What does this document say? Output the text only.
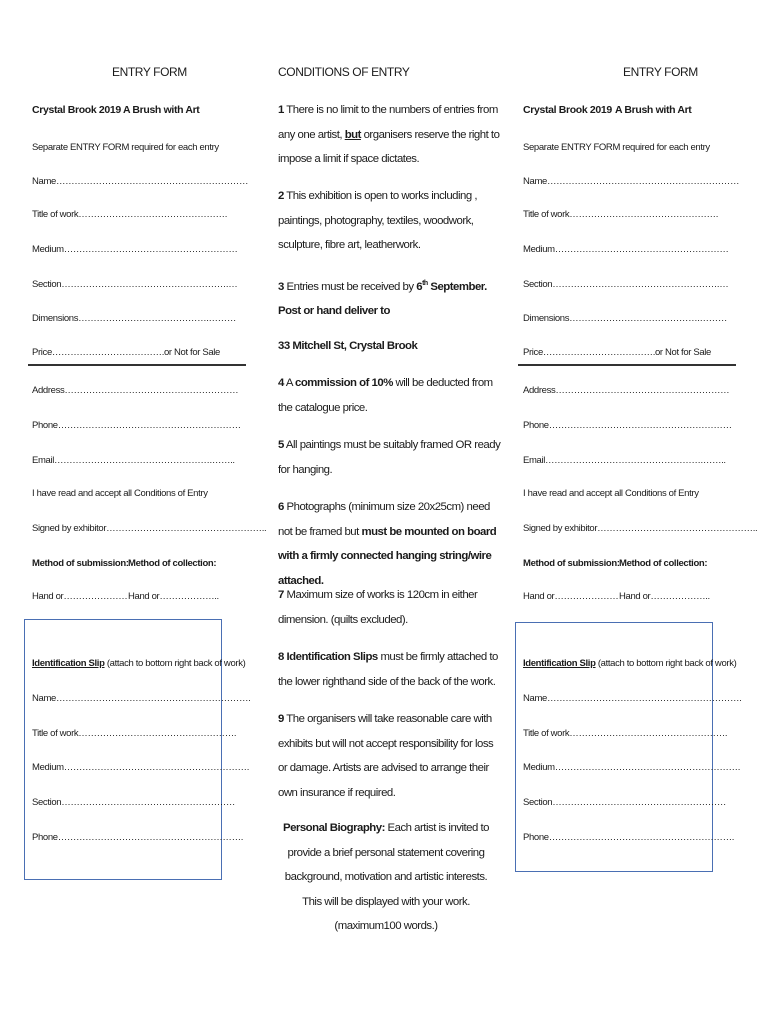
ENTRY FORM
Crystal Brook 2019 A Brush with Art
Separate ENTRY FORM required for each entry
Name………………………………………………………
Title of work………………………………………….
Medium…………………………………………………
Section……………………………………………….…
Dimensions…………………………………….………
Price……………………………….or Not for Sale
Address…………………………………………………
Phone……………………………………………………
Email…………………………………………….……..
I have read and accept all Conditions of Entry
Signed by exhibitor……………………………………………..
Method of submission: Method of collection:
Hand or………………… Hand or………………..
Identification Slip (attach to bottom right back of work)
Name……………………………………………………….
Title of work…………………………………………….
Medium…………………………………………………….
Section…………………………………………………
Phone…………………………………………………….
CONDITIONS OF ENTRY
1 There is no limit to the numbers of entries from any one artist, but organisers reserve the right to impose a limit if space dictates.
2 This exhibition is open to works including , paintings, photography, textiles, woodwork, sculpture, fibre art, leatherwork.
3 Entries must be received by 6th September. Post or hand deliver to
33 Mitchell St, Crystal Brook
4 A commission of 10% will be deducted from the catalogue price.
5 All paintings must be suitably framed OR ready for hanging.
6 Photographs (minimum size 20x25cm) need not be framed but must be mounted on board with a firmly connected hanging string/wire attached.
7 Maximum size of works is 120cm in either dimension. (quilts excluded).
8 Identification Slips must be firmly attached to the lower righthand side of the back of the work.
9 The organisers will take reasonable care with exhibits but will not accept responsibility for loss or damage. Artists are advised to arrange their own insurance if required.
Personal Biography: Each artist is invited to provide a brief personal statement covering background, motivation and artistic interests. This will be displayed with your work. (maximum100 words.)
ENTRY FORM
Crystal Brook 2019 A Brush with Art
Separate ENTRY FORM required for each entry
Name………………………………………………………
Title of work………………………………………….
Medium…………………………………………………
Section……………………………………………….…
Dimensions…………………………………….………
Price……………………………….or Not for Sale
Address…………………………………………………
Phone……………………………………………………
Email…………………………………………….……..
I have read and accept all Conditions of Entry
Signed by exhibitor……………………………………………..
Method of submission: Method of collection:
Hand or………………… Hand or………………..
Identification Slip (attach to bottom right back of work)
Name……………………………………………………….
Title of work…………………………………………….
Medium…………………………………………………….
Section…………………………………………………
Phone…………………………………………………….
